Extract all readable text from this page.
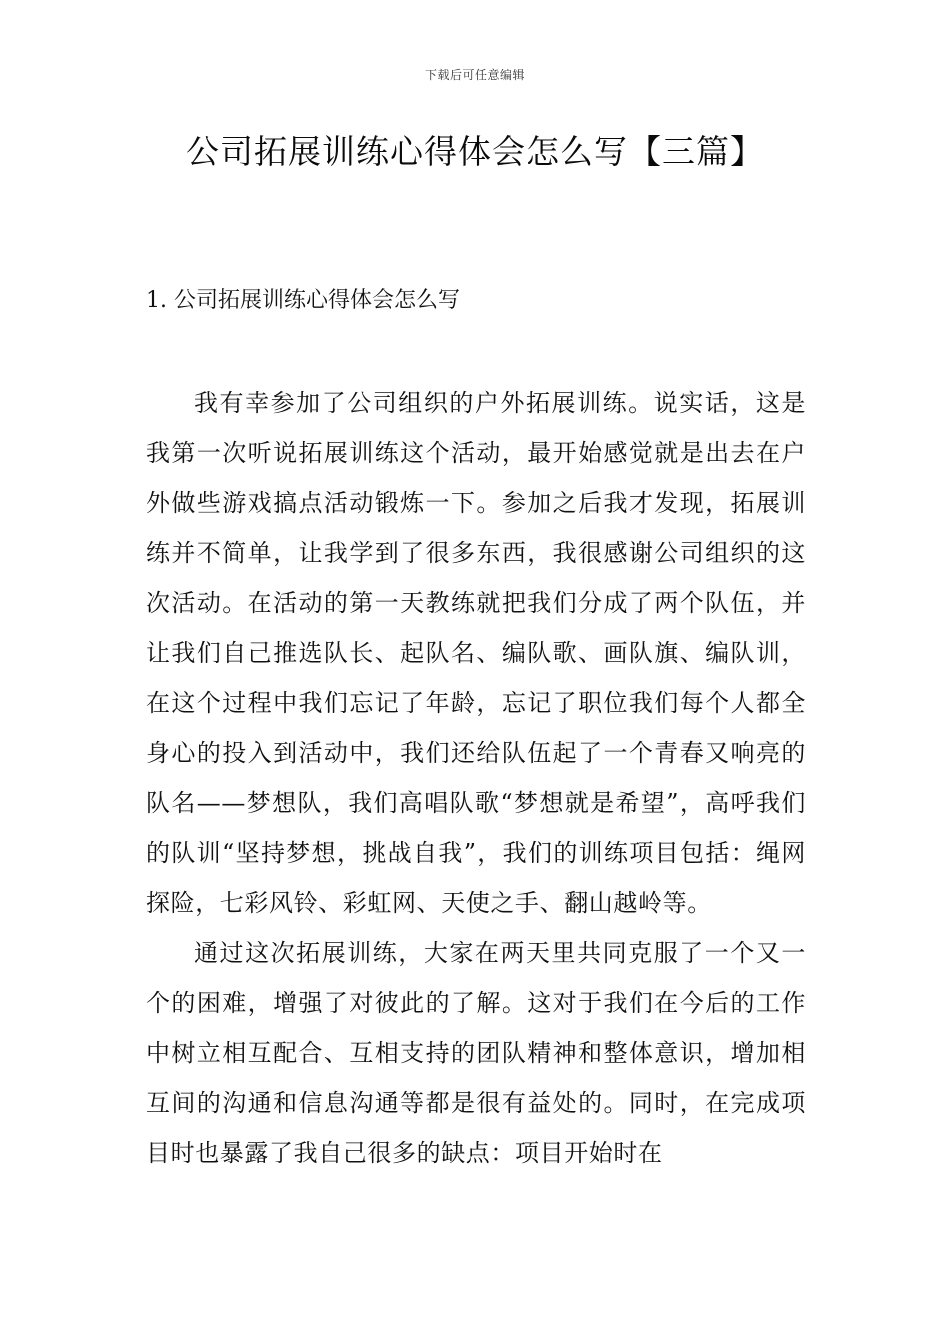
下载后可任意编辑
公司拓展训练心得体会怎么写【三篇】
1. 公司拓展训练心得体会怎么写

我有幸参加了公司组织的户外拓展训练。说实话，这是我第一次听说拓展训练这个活动，最开始感觉就是出去在户外做些游戏搞点活动锻炼一下。参加之后我才发现，拓展训练并不简单，让我学到了很多东西，我很感谢公司组织的这次活动。在活动的第一天教练就把我们分成了两个队伍，并让我们自己推选队长、起队名、编队歌、画队旗、编队训，在这个过程中我们忘记了年龄，忘记了职位我们每个人都全身心的投入到活动中，我们还给队伍起了一个青春又响亮的队名——梦想队，我们高唱队歌“梦想就是希望”，高呼我们的队训“坚持梦想，挑战自我”，我们的训练项目包括：绳网探险，七彩风铃、彩虹网、天使之手、翻山越岭等。

通过这次拓展训练，大家在两天里共同克服了一个又一个的困难，增强了对彼此的了解。这对于我们在今后的工作中树立相互配合、互相支持的团队精神和整体意识，增加相互间的沟通和信息沟通等都是很有益处的。同时，在完成项目时也暴露了我自己很多的缺点：项目开始时在
